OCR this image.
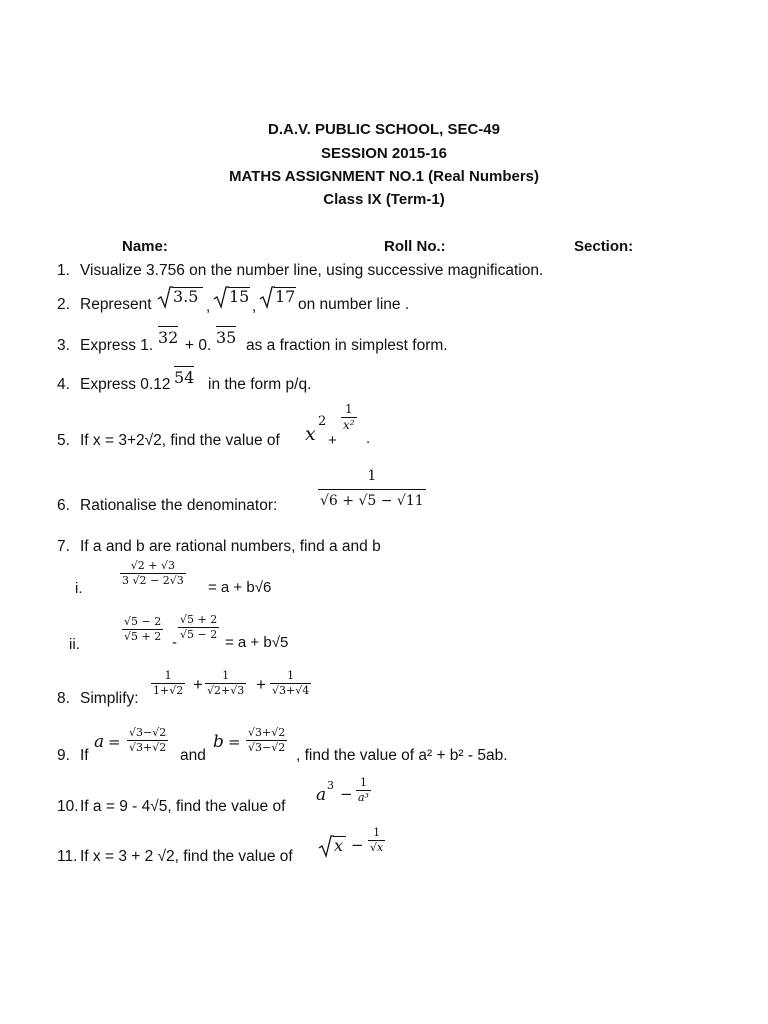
D.A.V. PUBLIC SCHOOL, SEC-49
SESSION 2015-16
MATHS ASSIGNMENT NO.1 (Real Numbers)
Class IX (Term-1)
Name:	Roll No.:	Section:
1. Visualize 3.756 on the number line, using successive magnification.
2. Represent 3.5
,
15
,
17 on number line .
3. Express 1. 32 + 0. 35 as a fraction in simplest form.
4. Express 0.12 54 in the form p/q.
5. If x = 3+2√2, find the value of x
2
+
$\frac{1}{\text{x²}}$
.
6. Rationalise the denominator:	$\frac{1}{√6 + √5 - √11}$
7. If a and b are rational numbers, find a and b
i.
$\frac{√2 + √3}{3 √2 - 2√3}$
= a + b√6
ii.
$\frac{√5 - 2}{√5 + 2}$ -
$\frac{√5 + 2}{√5 - 2}$
= a + b√5
8. Simplify:
$\frac{1}{1+√2} + \frac{1}{√2+√3} + \frac{1}{√3+√4}$
9. If
$a = \frac{√3-√2}{√3+√2}$
and
$b = \frac{√3+√2}{√3-√2}$
, find the value of a² + b² - 5ab.
10.If a = 9 - 4√5, find the value of
a $3 - \frac{1}{\text{a³}}$
11. If x = 3 + 2 √2, find the value of
$x - \frac{1}{√x}$
